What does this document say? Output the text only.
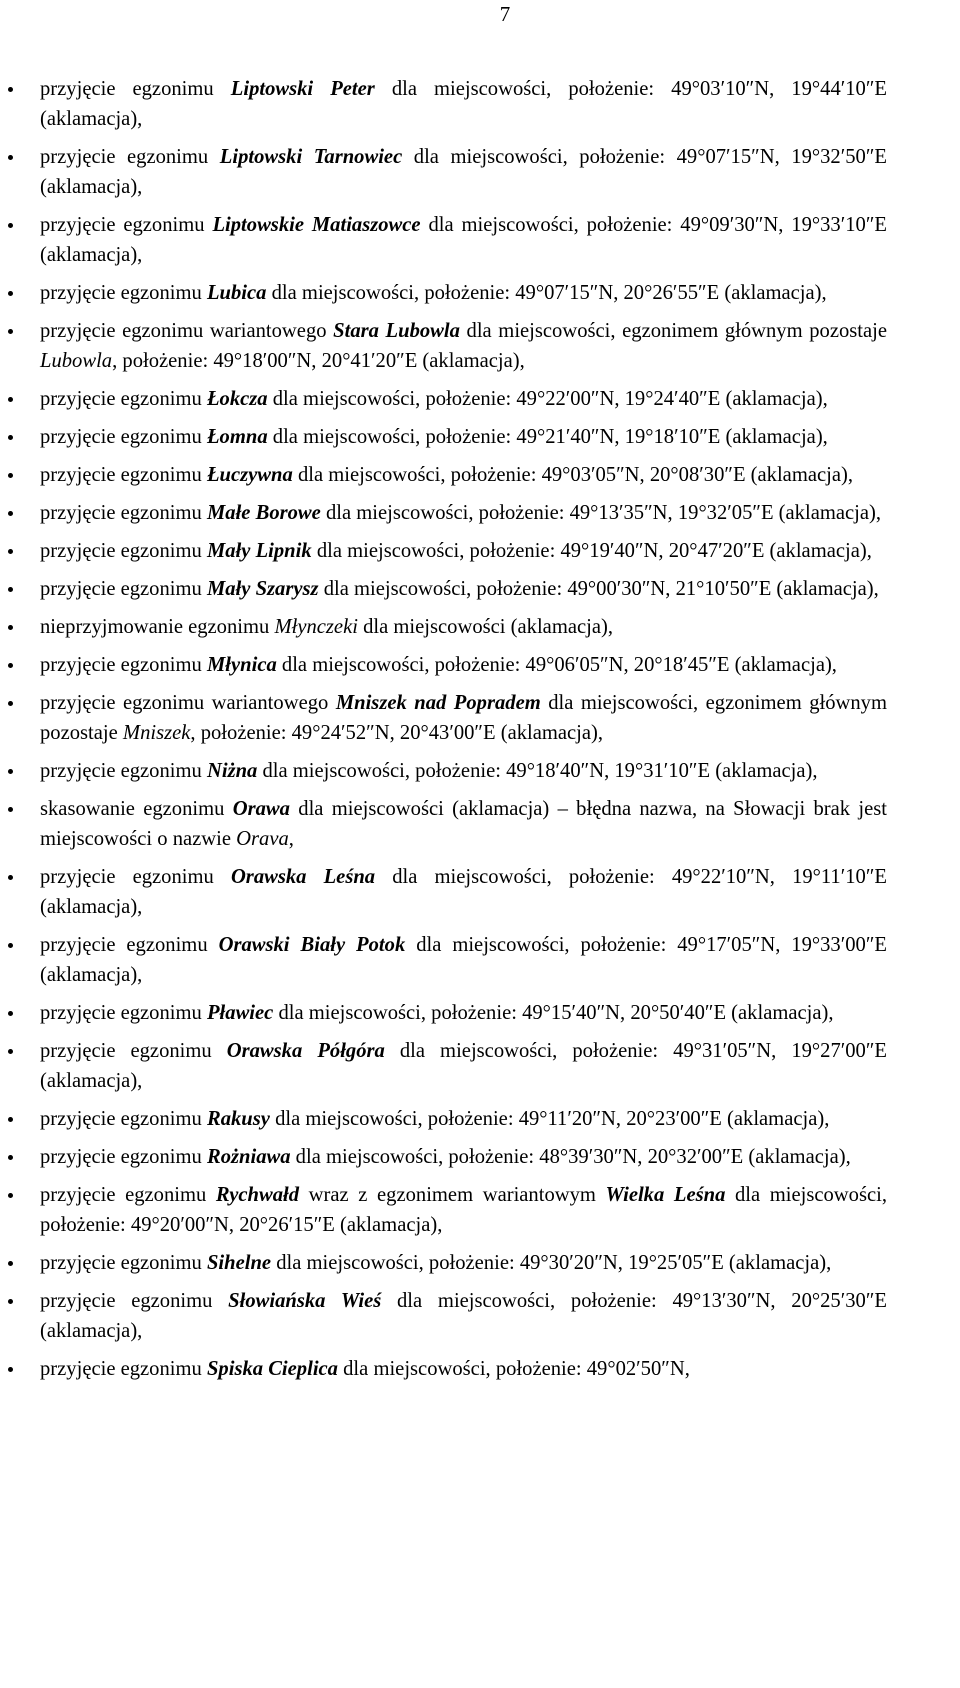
7
przyjęcie egzonimu Liptowski Peter dla miejscowości, położenie: 49°03′10″N, 19°44′10″E (aklamacja),
przyjęcie egzonimu Liptowski Tarnowiec dla miejscowości, położenie: 49°07′15″N, 19°32′50″E (aklamacja),
przyjęcie egzonimu Liptowskie Matiaszowce dla miejscowości, położenie: 49°09′30″N, 19°33′10″E (aklamacja),
przyjęcie egzonimu Lubica dla miejscowości, położenie: 49°07′15″N, 20°26′55″E (aklamacja),
przyjęcie egzonimu wariantowego Stara Lubowla dla miejscowości, egzonimem głównym pozostaje Lubowla, położenie: 49°18′00″N, 20°41′20″E (aklamacja),
przyjęcie egzonimu Łokcza dla miejscowości, położenie: 49°22′00″N, 19°24′40″E (aklamacja),
przyjęcie egzonimu Łomna dla miejscowości, położenie: 49°21′40″N, 19°18′10″E (aklamacja),
przyjęcie egzonimu Łuczywna dla miejscowości, położenie: 49°03′05″N, 20°08′30″E (aklamacja),
przyjęcie egzonimu Małe Borowe dla miejscowości, położenie: 49°13′35″N, 19°32′05″E (aklamacja),
przyjęcie egzonimu Mały Lipnik dla miejscowości, położenie: 49°19′40″N, 20°47′20″E (aklamacja),
przyjęcie egzonimu Mały Szarysz dla miejscowości, położenie: 49°00′30″N, 21°10′50″E (aklamacja),
nieprzyjmowanie egzonimu Młynczeki dla miejscowości (aklamacja),
przyjęcie egzonimu Młynica dla miejscowości, położenie: 49°06′05″N, 20°18′45″E (aklamacja),
przyjęcie egzonimu wariantowego Mniszek nad Popradem dla miejscowości, egzonimem głównym pozostaje Mniszek, położenie: 49°24′52″N, 20°43′00″E (aklamacja),
przyjęcie egzonimu Niżna dla miejscowości, położenie: 49°18′40″N, 19°31′10″E (aklamacja),
skasowanie egzonimu Orawa dla miejscowości (aklamacja) – błędna nazwa, na Słowacji brak jest miejscowości o nazwie Orava,
przyjęcie egzonimu Orawska Leśna dla miejscowości, położenie: 49°22′10″N, 19°11′10″E (aklamacja),
przyjęcie egzonimu Orawski Biały Potok dla miejscowości, położenie: 49°17′05″N, 19°33′00″E (aklamacja),
przyjęcie egzonimu Pławiec dla miejscowości, położenie: 49°15′40″N, 20°50′40″E (aklamacja),
przyjęcie egzonimu Orawska Półgóra dla miejscowości, położenie: 49°31′05″N, 19°27′00″E (aklamacja),
przyjęcie egzonimu Rakusy dla miejscowości, położenie: 49°11′20″N, 20°23′00″E (aklamacja),
przyjęcie egzonimu Rożniawa dla miejscowości, położenie: 48°39′30″N, 20°32′00″E (aklamacja),
przyjęcie egzonimu Rychwałd wraz z egzonimem wariantowym Wielka Leśna dla miejscowości, położenie: 49°20′00″N, 20°26′15″E (aklamacja),
przyjęcie egzonimu Sihelne dla miejscowości, położenie: 49°30′20″N, 19°25′05″E (aklamacja),
przyjęcie egzonimu Słowiańska Wieś dla miejscowości, położenie: 49°13′30″N, 20°25′30″E (aklamacja),
przyjęcie egzonimu Spiska Cieplica dla miejscowości, położenie: 49°02′50″N,
